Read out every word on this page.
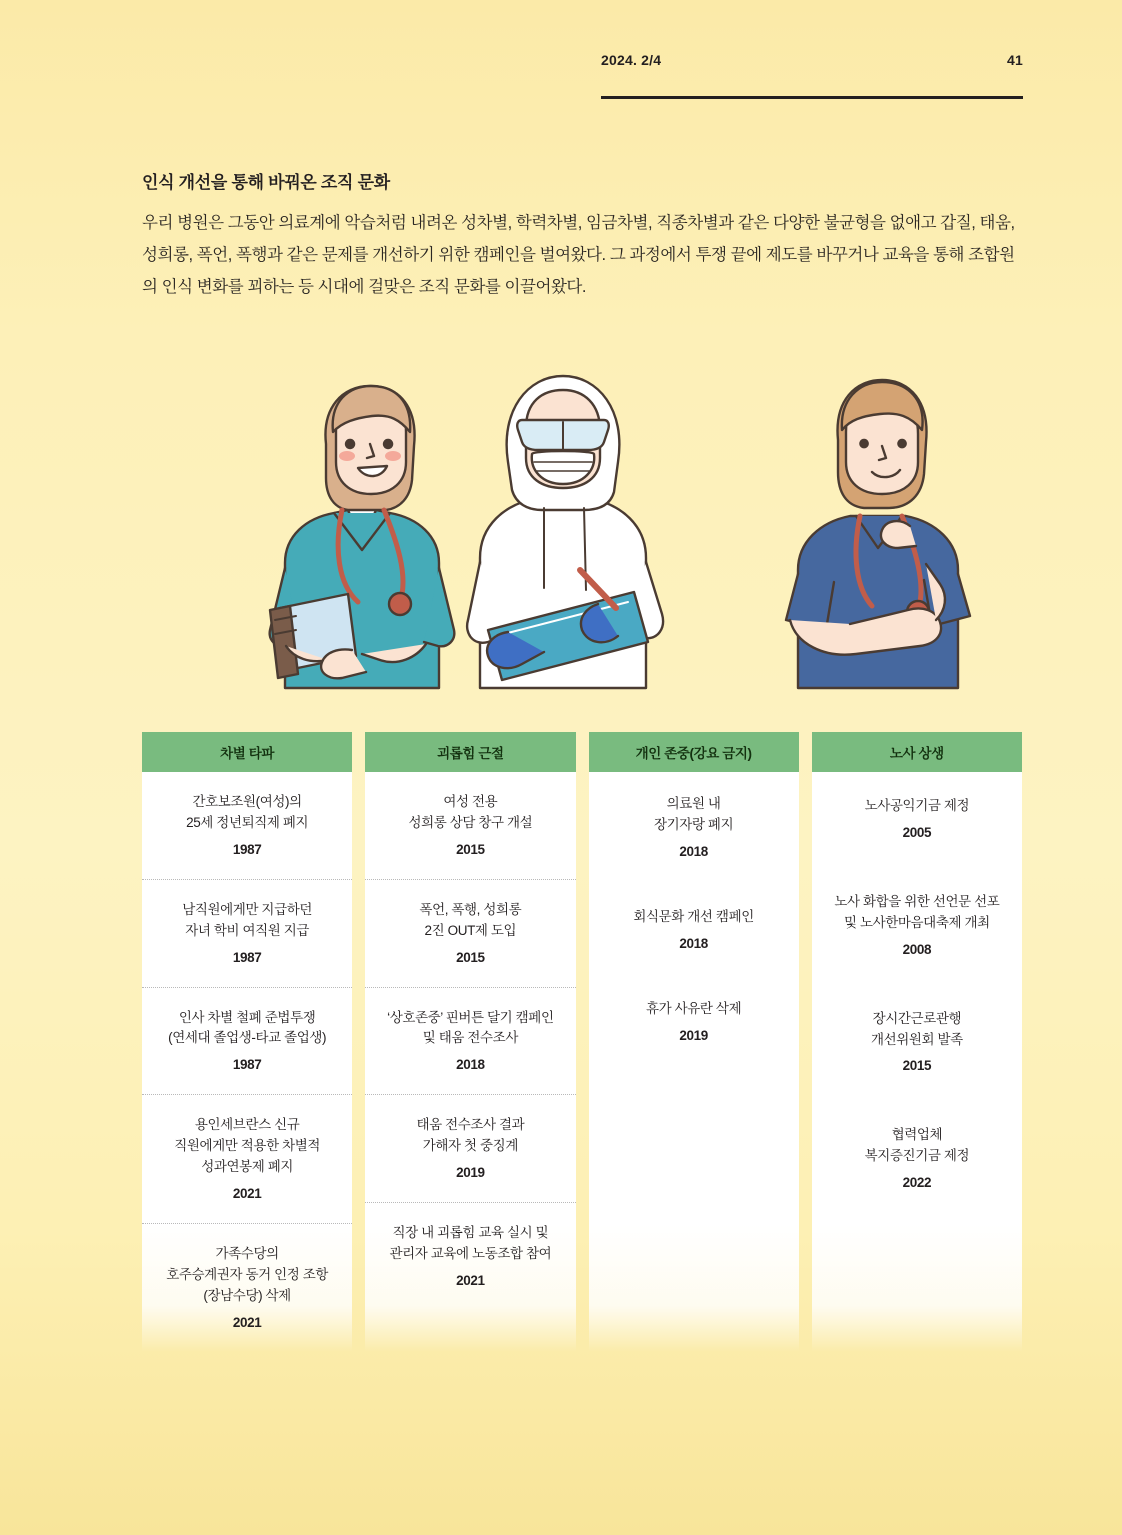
2024. 2/4	41
인식 개선을 통해 바꿔온 조직 문화

우리 병원은 그동안 의료계에 악습처럼 내려온 성차별, 학력차별, 임금차별, 직종차별과 같은 다양한 불균형을 없애고 갑질, 태움, 성희롱, 폭언, 폭행과 같은 문제를 개선하기 위한 캠페인을 벌여왔다. 그 과정에서 투쟁 끝에 제도를 바꾸거나 교육을 통해 조합원의 인식 변화를 꾀하는 등 시대에 걸맞은 조직 문화를 이끌어왔다.

차별 타파
간호보조원(여성)의
25세 정년퇴직제 폐지
1987
남직원에게만 지급하던
자녀 학비 여직원 지급
1987
인사 차별 철폐 준법투쟁
(연세대 졸업생-타교 졸업생)
1987
용인세브란스 신규
직원에게만 적용한 차별적
성과연봉제 폐지
2021
가족수당의
호주승계권자 동거 인정 조항
(장남수당) 삭제
2021
괴롭힘 근절
여성 전용
성희롱 상담 창구 개설
2015
폭언, 폭행, 성희롱
2진 OUT제 도입
2015
‘상호존중’ 핀버튼 달기 캠페인
및 태움 전수조사
2018
태움 전수조사 결과
가해자 첫 중징계
2019
직장 내 괴롭힘 교육 실시 및
관리자 교육에 노동조합 참여
2021
개인 존중(강요 금지)
의료원 내
장기자랑 폐지
2018
회식문화 개선 캠페인
2018
휴가 사유란 삭제
2019
노사 상생
노사공익기금 제정
2005
노사 화합을 위한 선언문 선포
및 노사한마음대축제 개최
2008
장시간근로관행
개선위원회 발족
2015
협력업체
복지증진기금 제정
2022
